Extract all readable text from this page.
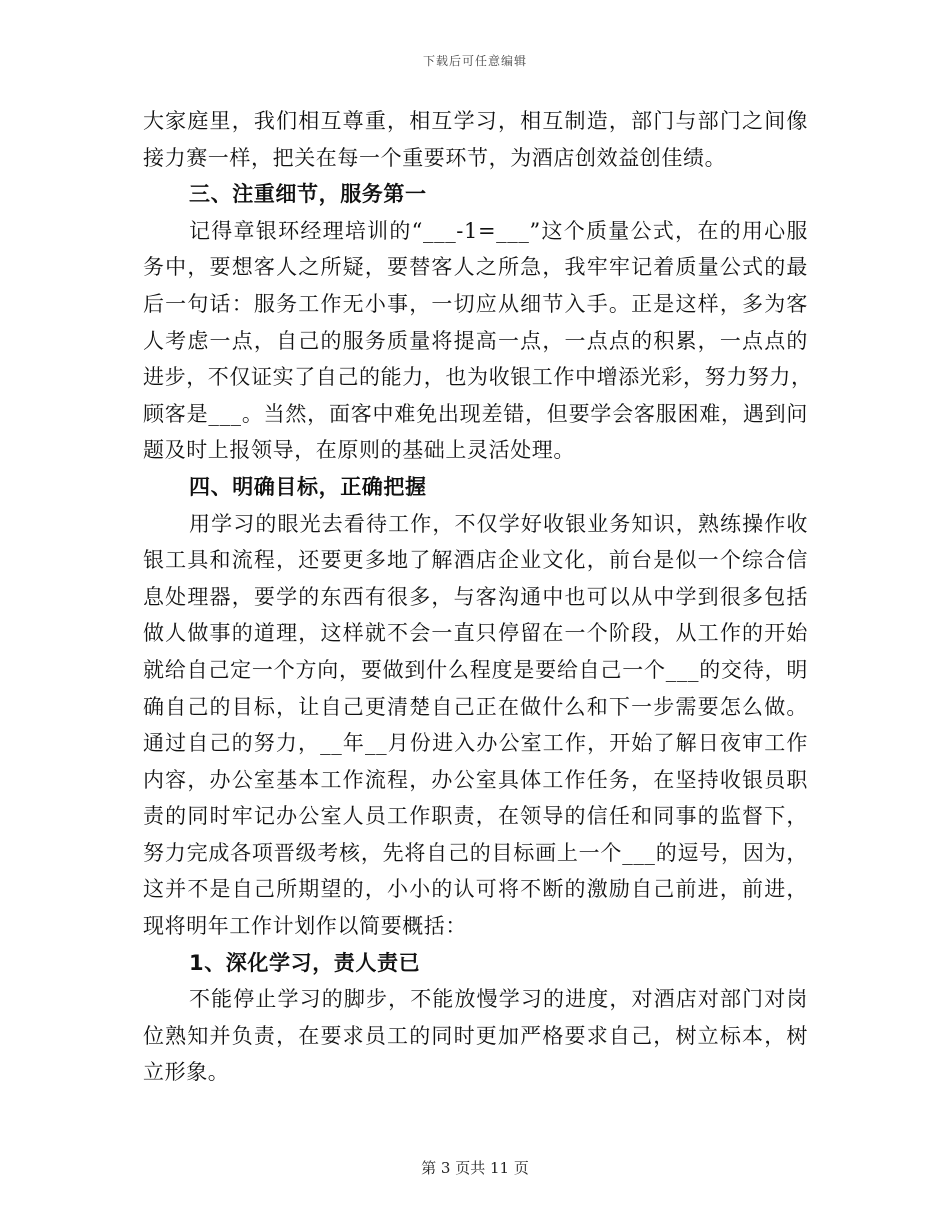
下载后可任意编辑
大家庭里，我们相互尊重，相互学习，相互制造，部门与部门之间像
接力赛一样，把关在每一个重要环节，为酒店创效益创佳绩。
三、注重细节，服务第一
记得章银环经理培训的“___-1=___”这个质量公式，在的用心服
务中，要想客人之所疑，要替客人之所急，我牢牢记着质量公式的最
后一句话：服务工作无小事，一切应从细节入手。正是这样，多为客
人考虑一点，自己的服务质量将提高一点，一点点的积累，一点点的
进步，不仅证实了自己的能力，也为收银工作中增添光彩，努力努力，
顾客是___。当然，面客中难免出现差错，但要学会客服困难，遇到问
题及时上报领导，在原则的基础上灵活处理。
四、明确目标，正确把握
用学习的眼光去看待工作，不仅学好收银业务知识，熟练操作收
银工具和流程，还要更多地了解酒店企业文化，前台是似一个综合信
息处理器，要学的东西有很多，与客沟通中也可以从中学到很多包括
做人做事的道理，这样就不会一直只停留在一个阶段，从工作的开始
就给自己定一个方向，要做到什么程度是要给自己一个___的交待，明
确自己的目标，让自己更清楚自己正在做什么和下一步需要怎么做。
通过自己的努力，__年__月份进入办公室工作，开始了解日夜审工作
内容，办公室基本工作流程，办公室具体工作任务，在坚持收银员职
责的同时牢记办公室人员工作职责，在领导的信任和同事的监督下，
努力完成各项晋级考核，先将自己的目标画上一个___的逗号，因为，
这并不是自己所期望的，小小的认可将不断的激励自己前进，前进，
现将明年工作计划作以简要概括：
1、深化学习，责人责已
不能停止学习的脚步，不能放慢学习的进度，对酒店对部门对岗
位熟知并负责，在要求员工的同时更加严格要求自己，树立标本，树
立形象。
第 3 页共 11 页
